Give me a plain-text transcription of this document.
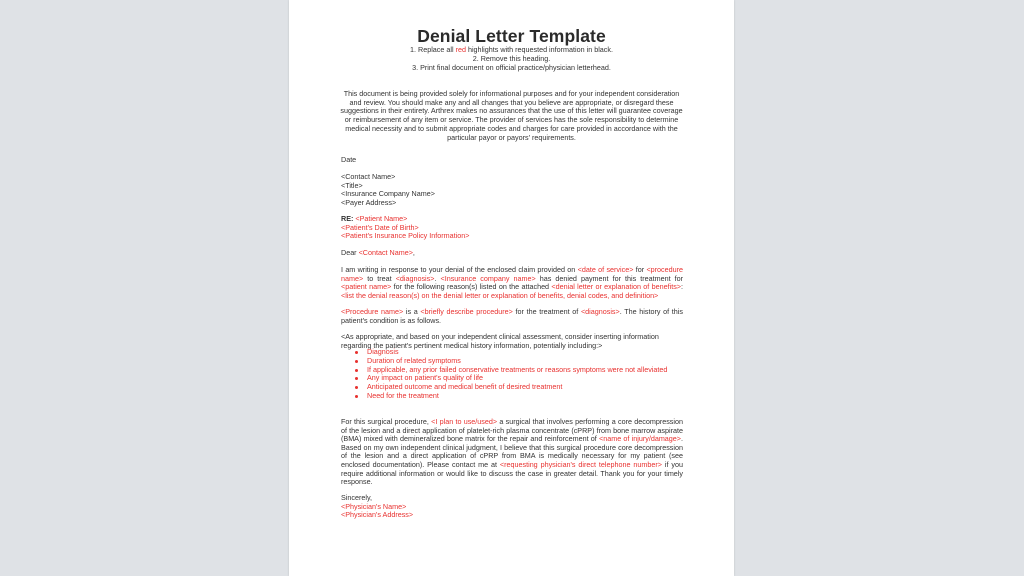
Denial Letter Template
1. Replace all red highlights with requested information in black.
2. Remove this heading.
3. Print final document on official practice/physician letterhead.
This document is being provided solely for informational purposes and for your independent consideration and review. You should make any and all changes that you believe are appropriate, or disregard these suggestions in their entirety. Arthrex makes no assurances that the use of this letter will guarantee coverage or reimbursement of any item or service. The provider of services has the sole responsibility to determine medical necessity and to submit appropriate codes and charges for care provided in accordance with the particular payor or payors' requirements.
Date
<Contact Name>
<Title>
<Insurance Company Name>
<Payer Address>
RE: <Patient Name>
<Patient's Date of Birth>
<Patient's Insurance Policy Information>
Dear <Contact Name>,
I am writing in response to your denial of the enclosed claim provided on <date of service> for <procedure name> to treat <diagnosis>. <Insurance company name> has denied payment for this treatment for <patient name> for the following reason(s) listed on the attached <denial letter or explanation of benefits>: <list the denial reason(s) on the denial letter or explanation of benefits, denial codes, and definition>
<Procedure name> is a <briefly describe procedure> for the treatment of <diagnosis>. The history of this patient's condition is as follows.
<As appropriate, and based on your independent clinical assessment, consider inserting information regarding the patient's pertinent medical history information, potentially including:>
Diagnosis
Duration of related symptoms
If applicable, any prior failed conservative treatments or reasons symptoms were not alleviated
Any impact on patient's quality of life
Anticipated outcome and medical benefit of desired treatment
Need for the treatment
For this surgical procedure, <I plan to use/used> a surgical that involves performing a core decompression of the lesion and a direct application of platelet-rich plasma concentrate (cPRP) from bone marrow aspirate (BMA) mixed with demineralized bone matrix for the repair and reinforcement of <name of injury/damage>. Based on my own independent clinical judgment, I believe that this surgical procedure core decompression of the lesion and a direct application of cPRP from BMA is medically necessary for my patient (see enclosed documentation). Please contact me at <requesting physician's direct telephone number> if you require additional information or would like to discuss the case in greater detail. Thank you for your timely response.
Sincerely,
<Physician's Name>
<Physician's Address>
